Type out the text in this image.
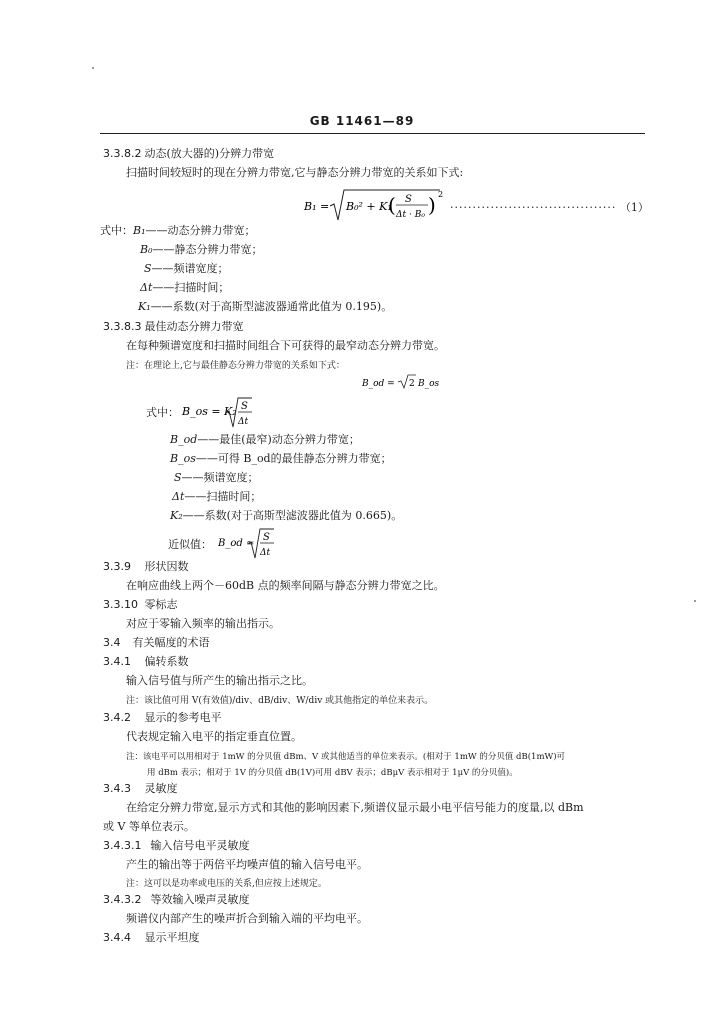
GB 11461—89
3.3.8.2 动态(放大器的)分辨力带宽
扫描时间较短时的现在分辨力带宽,它与静态分辨力带宽的关系如下式:
B₁ = B₀² + K₁
( S
Δt · B₀ ) 2
····································· （1）
式中：B₁——动态分辨力带宽；
B₀——静态分辨力带宽；
S——频谱宽度；
Δt——扫描时间；
K₁——系数(对于高斯型滤波器通常此值为 0.195)。
3.3.8.3 最佳动态分辨力带宽
在每种频谱宽度和扫描时间组合下可获得的最窄动态分辨力带宽。
注：在理论上,它与最佳静态分辨力带宽的关系如下式：
B_od = 2 B_os
式中： B_os = K₂ S
Δt
B_od——最佳(最窄)动态分辨力带宽；
B_os——可得 B_od的最佳静态分辨力带宽；
S——频谱宽度；
Δt——扫描时间；
K₂——系数(对于高斯型滤波器此值为 0.665)。
近似值： B_od ≃
S
Δt
3.3.9 形状因数
在响应曲线上两个－60dB 点的频率间隔与静态分辨力带宽之比。
3.3.10 零标志
对应于零输入频率的输出指示。
3.4 有关幅度的术语
3.4.1 偏转系数
输入信号值与所产生的输出指示之比。
注：该比值可用 V(有效值)/div、dB/div、W/div 或其他指定的单位来表示。
3.4.2 显示的参考电平
代表规定输入电平的指定垂直位置。
注：该电平可以用相对于 1mW 的分贝值 dBm、V 或其他适当的单位来表示。(相对于 1mW 的分贝值 dB(1mW)可
用 dBm 表示；相对于 1V 的分贝值 dB(1V)可用 dBV 表示；dBμV 表示相对于 1μV 的分贝值)。
3.4.3 灵敏度
在给定分辨力带宽,显示方式和其他的影响因素下,频谱仪显示最小电平信号能力的度量,以 dBm
或 V 等单位表示。
3.4.3.1 输入信号电平灵敏度
产生的输出等于两倍平均噪声值的输入信号电平。
注：这可以是功率或电压的关系,但应按上述规定。
3.4.3.2 等效输入噪声灵敏度
频谱仪内部产生的噪声折合到输入端的平均电平。
3.4.4 显示平坦度
